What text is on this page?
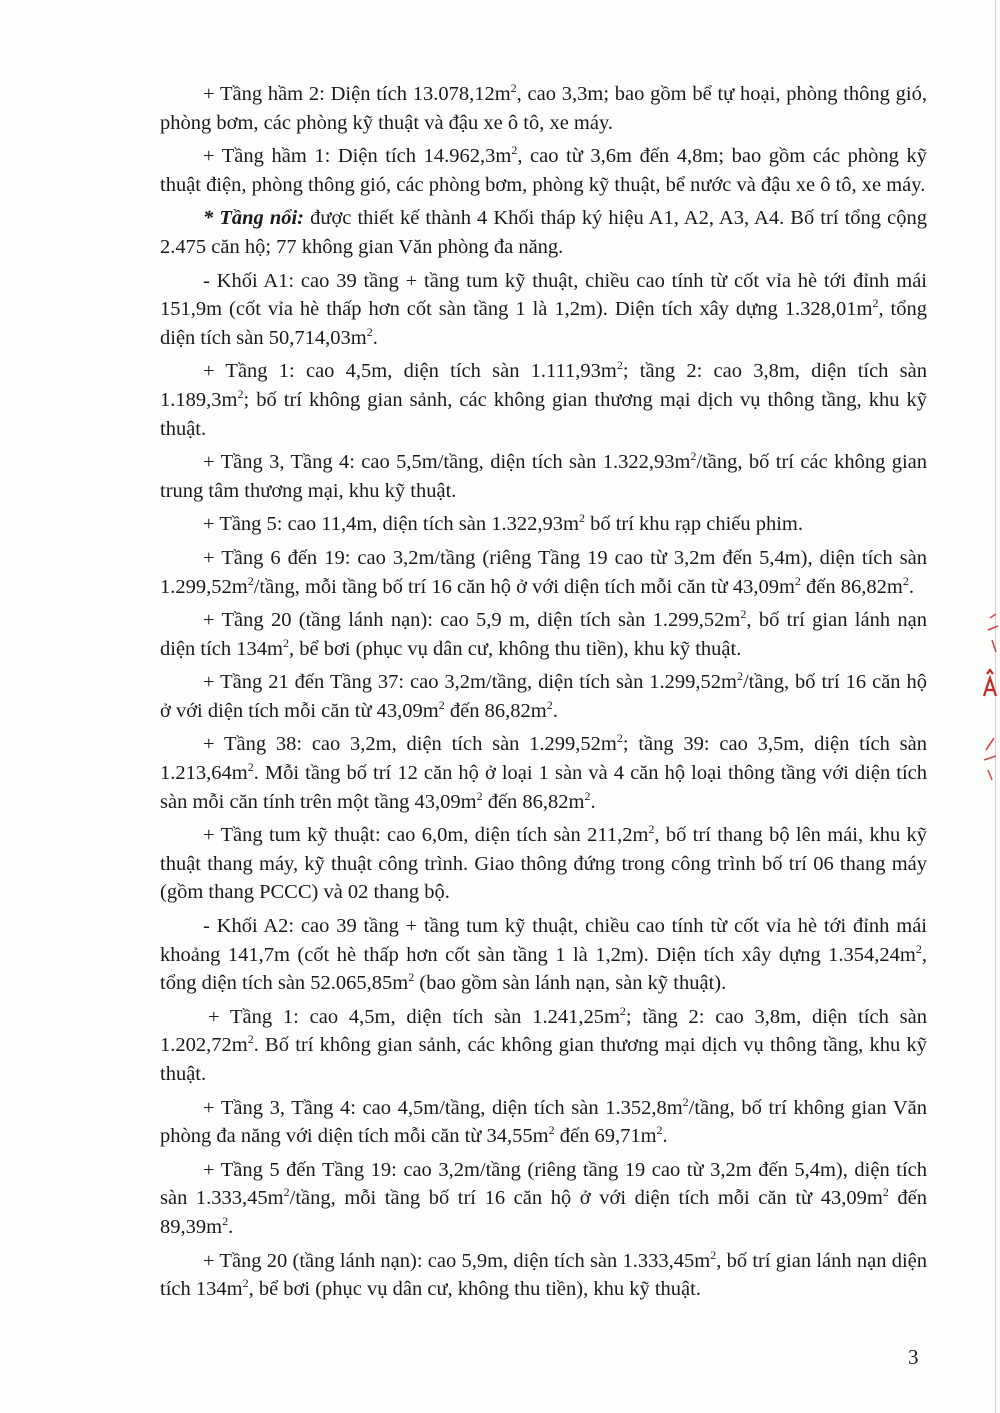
+ Tầng hầm 2: Diện tích $13.078,12m^2$, cao 3,3m; bao gồm bể tự hoại, phòng thông gió, phòng bơm, các phòng kỹ thuật và đậu xe ô tô, xe máy.

+ Tầng hầm 1: Diện tích $14.962,3m^2$, cao từ 3,6m đến 4,8m; bao gồm các phòng kỹ thuật điện, phòng thông gió, các phòng bơm, phòng kỹ thuật, bể nước và đậu xe ô tô, xe máy.

* Tầng nổi: được thiết kế thành 4 Khối tháp ký hiệu A1, A2, A3, A4. Bố trí tổng cộng 2.475 căn hộ; 77 không gian Văn phòng đa năng.

- Khối A1: cao 39 tầng + tầng tum kỹ thuật, chiều cao tính từ cốt vỉa hè tới đỉnh mái 151,9m (cốt vỉa hè thấp hơn cốt sàn tầng 1 là 1,2m). Diện tích xây dựng $1.328,01m^2$, tổng diện tích sàn $50,714,03m^2$.

+ Tầng 1: cao 4,5m, diện tích sàn $1.111,93m^2$; tầng 2: cao 3,8m, diện tích sàn $1.189,3m^2$; bố trí không gian sảnh, các không gian thương mại dịch vụ thông tầng, khu kỹ thuật.

+ Tầng 3, Tầng 4: cao 5,5m/tầng, diện tích sàn $1.322,93m^2$/tầng, bố trí các không gian trung tâm thương mại, khu kỹ thuật.

+ Tầng 5: cao 11,4m, diện tích sàn $1.322,93m^2$ bố trí khu rạp chiếu phim.

+ Tầng 6 đến 19: cao 3,2m/tầng (riêng Tầng 19 cao từ 3,2m đến 5,4m), diện tích sàn $1.299,52m^2$/tầng, mỗi tầng bố trí 16 căn hộ ở với diện tích mỗi căn từ $43,09m^2$ đến $86,82m^2$.

+ Tầng 20 (tầng lánh nạn): cao 5,9 m, diện tích sàn $1.299,52m^2$, bố trí gian lánh nạn diện tích $134m^2$, bể bơi (phục vụ dân cư, không thu tiền), khu kỹ thuật.

+ Tầng 21 đến Tầng 37: cao 3,2m/tầng, diện tích sàn $1.299,52m^2$/tầng, bố trí 16 căn hộ ở với diện tích mỗi căn từ $43,09m^2$ đến $86,82m^2$.

+ Tầng 38: cao 3,2m, diện tích sàn $1.299,52m^2$; tầng 39: cao 3,5m, diện tích sàn $1.213,64m^2$. Mỗi tầng bố trí 12 căn hộ ở loại 1 sàn và 4 căn hộ loại thông tầng với diện tích sàn mỗi căn tính trên một tầng $43,09m^2$ đến $86,82m^2$.

+ Tầng tum kỹ thuật: cao 6,0m, diện tích sàn $211,2m^2$, bố trí thang bộ lên mái, khu kỹ thuật thang máy, kỹ thuật công trình. Giao thông đứng trong công trình bố trí 06 thang máy (gồm thang PCCC) và 02 thang bộ.

- Khối A2: cao 39 tầng + tầng tum kỹ thuật, chiều cao tính từ cốt vỉa hè tới đỉnh mái khoảng 141,7m (cốt hè thấp hơn cốt sàn tầng 1 là 1,2m). Diện tích xây dựng $1.354,24m^2$, tổng diện tích sàn $52.065,85m^2$ (bao gồm sàn lánh nạn, sàn kỹ thuật).

+ Tầng 1: cao 4,5m, diện tích sàn $1.241,25m^2$; tầng 2: cao 3,8m, diện tích sàn $1.202,72m^2$. Bố trí không gian sảnh, các không gian thương mại dịch vụ thông tầng, khu kỹ thuật.

+ Tầng 3, Tầng 4: cao 4,5m/tầng, diện tích sàn $1.352,8m^2$/tầng, bố trí không gian Văn phòng đa năng với diện tích mỗi căn từ $34,55m^2$ đến $69,71m^2$.

+ Tầng 5 đến Tầng 19: cao 3,2m/tầng (riêng tầng 19 cao từ 3,2m đến 5,4m), diện tích sàn $1.333,45m^2$/tầng, mỗi tầng bố trí 16 căn hộ ở với diện tích mỗi căn từ $43,09m^2$ đến $89,39m^2$.

+ Tầng 20 (tầng lánh nạn): cao 5,9m, diện tích sàn $1.333,45m^2$, bố trí gian lánh nạn diện tích $134m^2$, bể bơi (phục vụ dân cư, không thu tiền), khu kỹ thuật.

3
